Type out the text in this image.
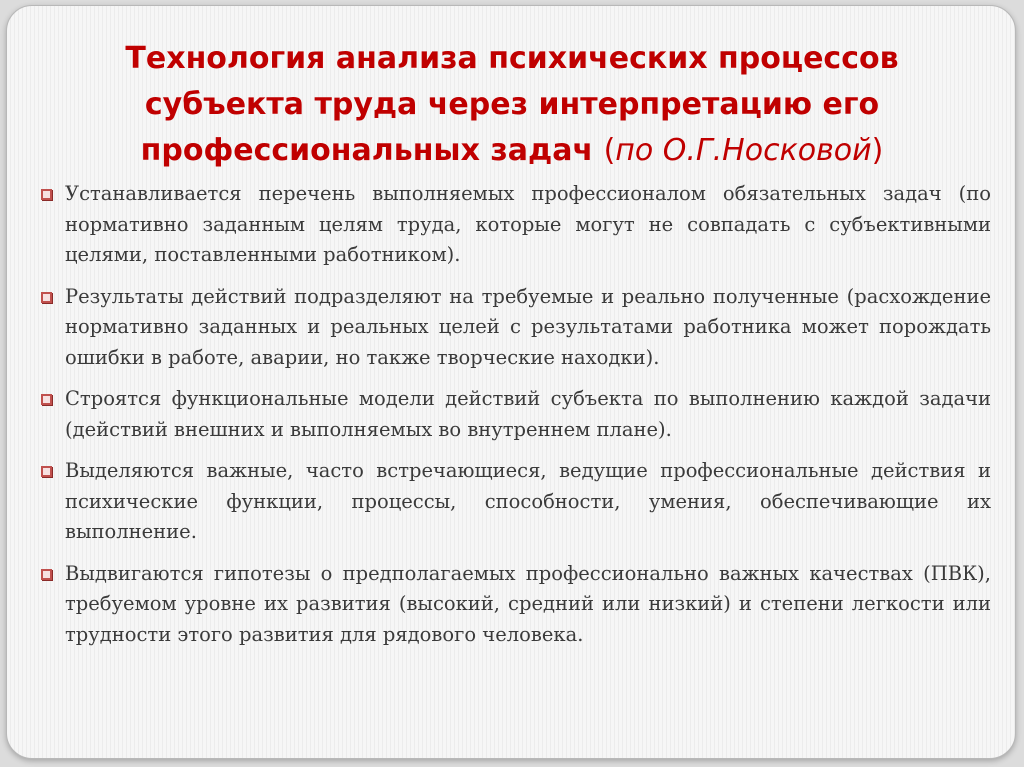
Технология анализа психических процессов
субъекта труда через интерпретацию его
профессиональных задач (по О.Г.Носковой)
Устанавливается перечень выполняемых профессионалом обязательных задач (по нормативно заданным целям труда, которые могут не совпадать с субъективными целями, поставленными работником).
Результаты действий подразделяют на требуемые и реально полученные (расхождение нормативно заданных и реальных целей с результатами работника может порождать ошибки в работе, аварии, но также творческие находки).
Строятся функциональные модели действий субъекта по выполнению каждой задачи (действий внешних и выполняемых во внутреннем плане).
Выделяются важные, часто встречающиеся, ведущие профессиональные действия и психические функции, процессы, способности, умения, обеспечивающие их выполнение.
Выдвигаются гипотезы о предполагаемых профессионально важных качествах (ПВК), требуемом уровне их развития (высокий, средний или низкий) и степени легкости или трудности этого развития для рядового человека.
